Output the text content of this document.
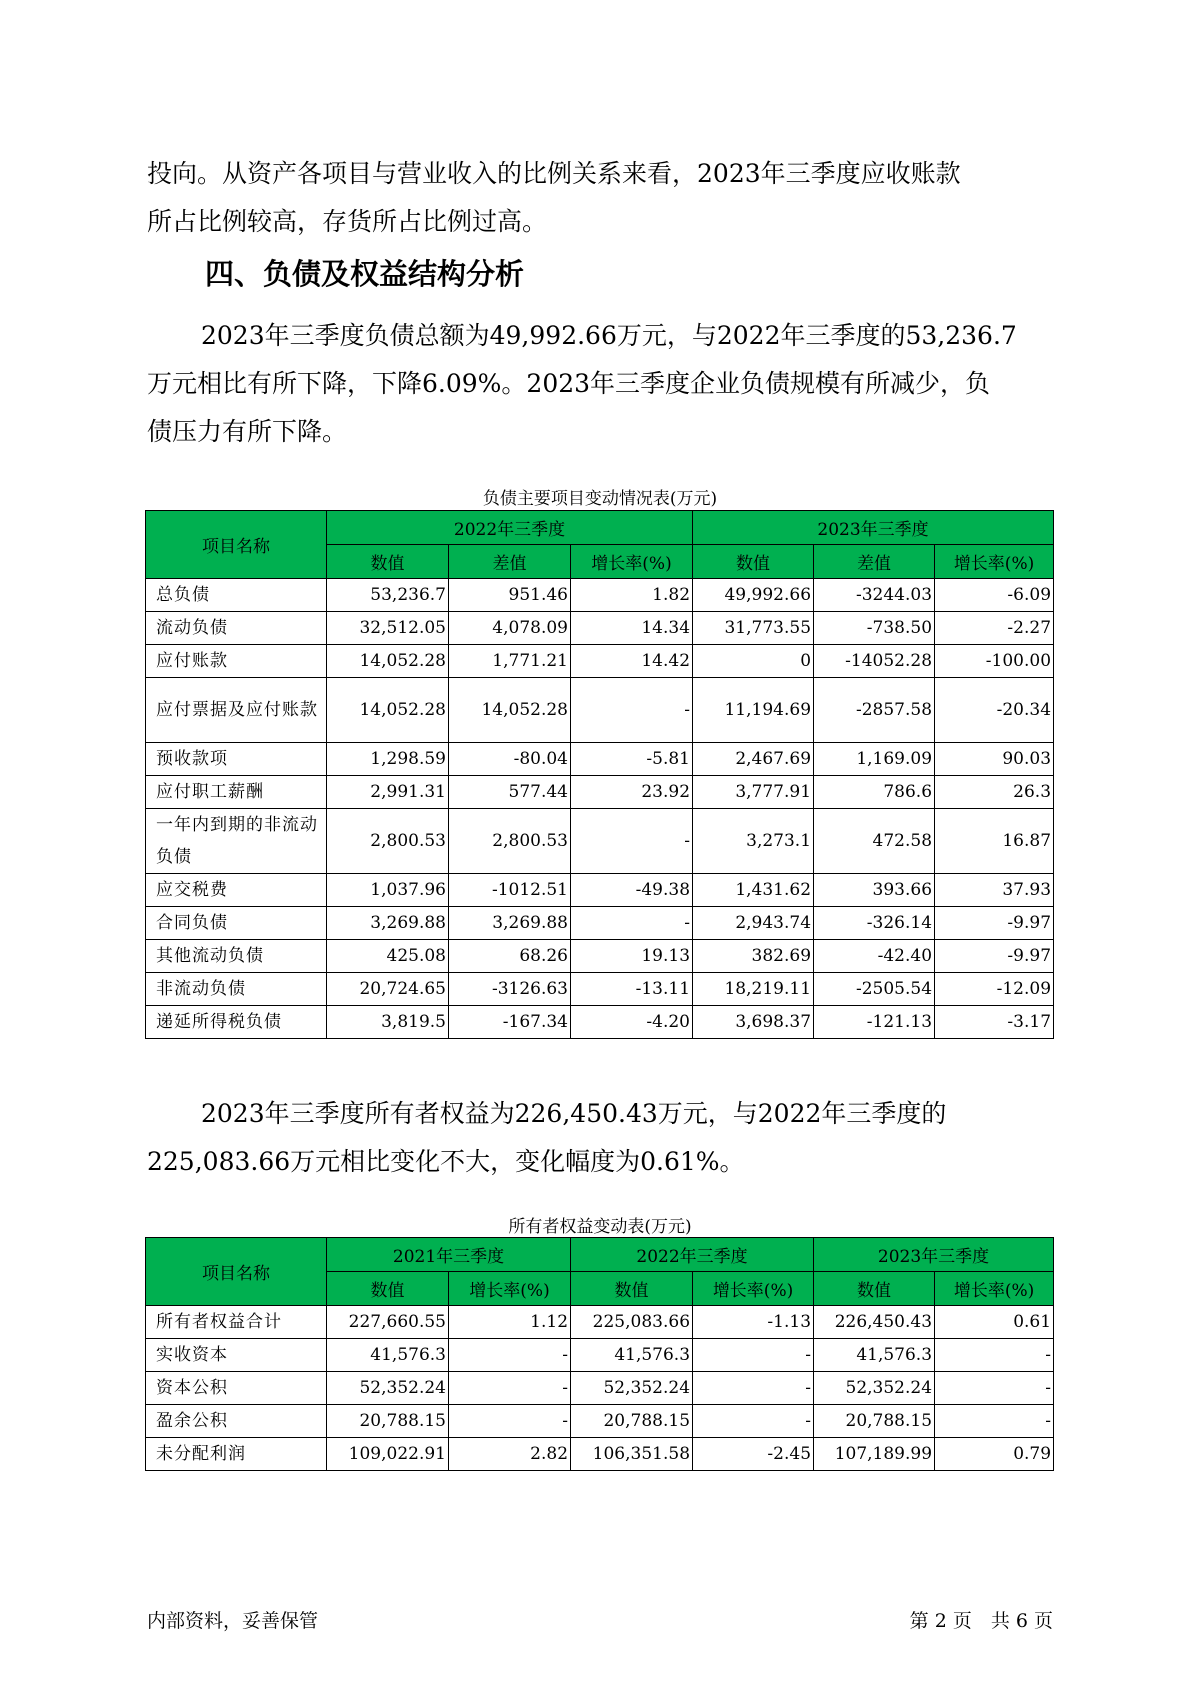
投向。从资产各项目与营业收入的比例关系来看，2023年三季度应收账款
所占比例较高，存货所占比例过高。

四、负债及权益结构分析

2023年三季度负债总额为49,992.66万元，与2022年三季度的53,236.7
万元相比有所下降，下降6.09%。2023年三季度企业负债规模有所减少，负
债压力有所下降。

负债主要项目变动情况表(万元)
项目名称	2022年三季度			2023年三季度		
	数值	差值	增长率(%)	数值	差值	增长率(%)
总负债	53,236.7	951.46	1.82	49,992.66	-3244.03	-6.09
流动负债	32,512.05	4,078.09	14.34	31,773.55	-738.50	-2.27
应付账款	14,052.28	1,771.21	14.42	0	-14052.28	-100.00
应付票据及应付账款	14,052.28	14,052.28	-	11,194.69	-2857.58	-20.34
预收款项	1,298.59	-80.04	-5.81	2,467.69	1,169.09	90.03
应付职工薪酬	2,991.31	577.44	23.92	3,777.91	786.6	26.3
一年内到期的非流动负债	2,800.53	2,800.53	-	3,273.1	472.58	16.87
应交税费	1,037.96	-1012.51	-49.38	1,431.62	393.66	37.93
合同负债	3,269.88	3,269.88	-	2,943.74	-326.14	-9.97
其他流动负债	425.08	68.26	19.13	382.69	-42.40	-9.97
非流动负债	20,724.65	-3126.63	-13.11	18,219.11	-2505.54	-12.09
递延所得税负债	3,819.5	-167.34	-4.20	3,698.37	-121.13	-3.17

2023年三季度所有者权益为226,450.43万元，与2022年三季度的
225,083.66万元相比变化不大，变化幅度为0.61%。

所有者权益变动表(万元)
项目名称	2021年三季度		2022年三季度		2023年三季度	
	数值	增长率(%)	数值	增长率(%)	数值	增长率(%)
所有者权益合计	227,660.55	1.12	225,083.66	-1.13	226,450.43	0.61
实收资本	41,576.3	-	41,576.3	-	41,576.3	-
资本公积	52,352.24	-	52,352.24	-	52,352.24	-
盈余公积	20,788.15	-	20,788.15	-	20,788.15	-
未分配利润	109,022.91	2.82	106,351.58	-2.45	107,189.99	0.79
内部资料，妥善保管	第 2 页　共 6 页
